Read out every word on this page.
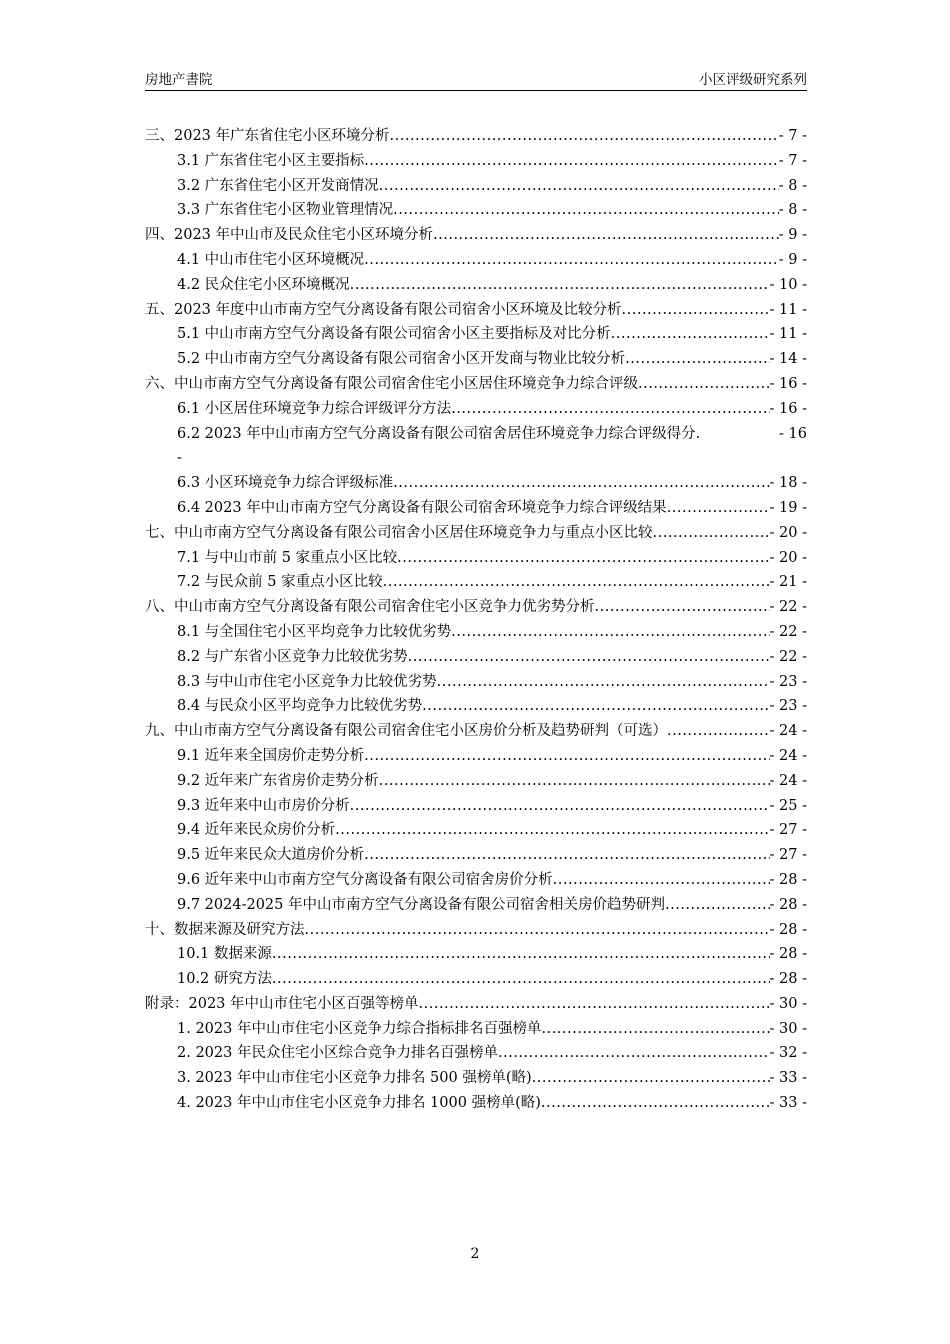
房地产書院	小区评级研究系列
三、2023 年广东省住宅小区环境分析 .....	- 7 -
3.1 广东省住宅小区主要指标 .....	- 7 -
3.2 广东省住宅小区开发商情况 .....	- 8 -
3.3 广东省住宅小区物业管理情况 .....	- 8 -
四、2023 年中山市及民众住宅小区环境分析 .....	- 9 -
4.1 中山市住宅小区环境概况 .....	- 9 -
4.2 民众住宅小区环境概况 .....	- 10 -
五、2023 年度中山市南方空气分离设备有限公司宿舍小区环境及比较分析 .....	- 11 -
5.1 中山市南方空气分离设备有限公司宿舍小区主要指标及对比分析 .....	- 11 -
5.2 中山市南方空气分离设备有限公司宿舍小区开发商与物业比较分析 .....	- 14 -
六、中山市南方空气分离设备有限公司宿舍住宅小区居住环境竞争力综合评级 .....	- 16 -
6.1 小区居住环境竞争力综合评级评分方法 .....	- 16 -
6.2 2023 年中山市南方空气分离设备有限公司宿舍居住环境竞争力综合评级得分.	- 16
-
6.3 小区环境竞争力综合评级标准 .....	- 18 -
6.4 2023 年中山市南方空气分离设备有限公司宿舍环境竞争力综合评级结果 .....	- 19 -
七、中山市南方空气分离设备有限公司宿舍小区居住环境竞争力与重点小区比较 .....	- 20 -
7.1 与中山市前 5 家重点小区比较 .....	- 20 -
7.2 与民众前 5 家重点小区比较 .....	- 21 -
八、中山市南方空气分离设备有限公司宿舍住宅小区竞争力优劣势分析 .....	- 22 -
8.1 与全国住宅小区平均竞争力比较优劣势 .....	- 22 -
8.2 与广东省小区竞争力比较优劣势 .....	- 22 -
8.3 与中山市住宅小区竞争力比较优劣势 .....	- 23 -
8.4 与民众小区平均竞争力比较优劣势 .....	- 23 -
九、中山市南方空气分离设备有限公司宿舍住宅小区房价分析及趋势研判（可选） .....	- 24 -
9.1 近年来全国房价走势分析 .....	- 24 -
9.2 近年来广东省房价走势分析 .....	- 24 -
9.3 近年来中山市房价分析 .....	- 25 -
9.4 近年来民众房价分析 .....	- 27 -
9.5 近年来民众大道房价分析 .....	- 27 -
9.6 近年来中山市南方空气分离设备有限公司宿舍房价分析 .....	- 28 -
9.7 2024-2025 年中山市南方空气分离设备有限公司宿舍相关房价趋势研判 .....	- 28 -
十、数据来源及研究方法 .....	- 28 -
10.1 数据来源 .....	- 28 -
10.2 研究方法 .....	- 28 -
附录：2023 年中山市住宅小区百强等榜单 .....	- 30 -
1. 2023 年中山市住宅小区竞争力综合指标排名百强榜单 .....	- 30 -
2. 2023 年民众住宅小区综合竞争力排名百强榜单 .....	- 32 -
3. 2023 年中山市住宅小区竞争力排名 500 强榜单(略) .....	- 33 -
4. 2023 年中山市住宅小区竞争力排名 1000 强榜单(略) .....	- 33 -
2
